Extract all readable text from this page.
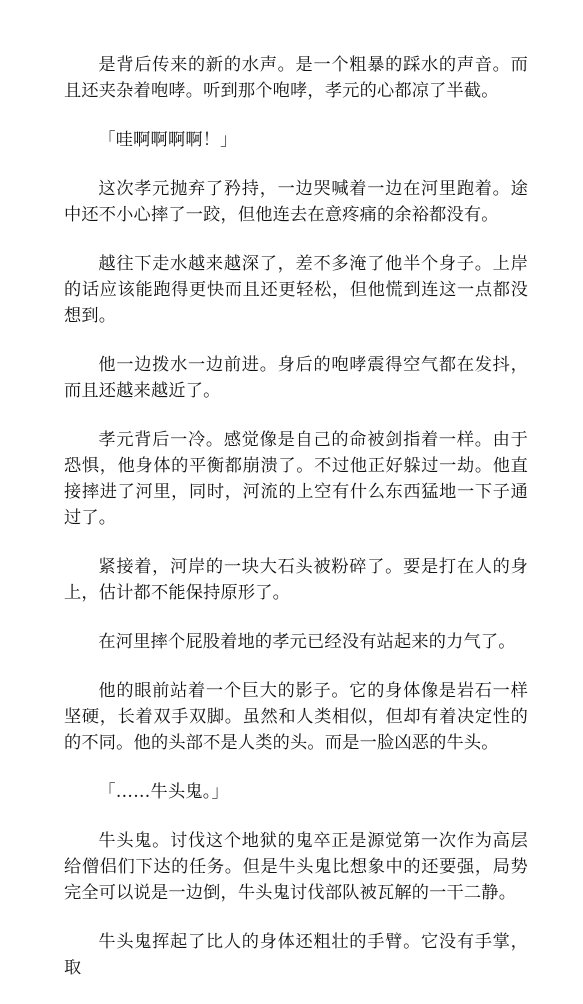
是背后传来的新的水声。是一个粗暴的踩水的声音。而且还夹杂着咆哮。听到那个咆哮，孝元的心都凉了半截。

「哇啊啊啊啊！」

这次孝元抛弃了矜持，一边哭喊着一边在河里跑着。途中还不小心摔了一跤，但他连去在意疼痛的余裕都没有。

越往下走水越来越深了，差不多淹了他半个身子。上岸的话应该能跑得更快而且还更轻松，但他慌到连这一点都没想到。

他一边拨水一边前进。身后的咆哮震得空气都在发抖，而且还越来越近了。

孝元背后一冷。感觉像是自己的命被剑指着一样。由于恐惧，他身体的平衡都崩溃了。不过他正好躲过一劫。他直接摔进了河里，同时，河流的上空有什么东西猛地一下子通过了。

紧接着，河岸的一块大石头被粉碎了。要是打在人的身上，估计都不能保持原形了。

在河里摔个屁股着地的孝元已经没有站起来的力气了。

他的眼前站着一个巨大的影子。它的身体像是岩石一样坚硬，长着双手双脚。虽然和人类相似，但却有着决定性的的不同。他的头部不是人类的头。而是一脸凶恶的牛头。

「……牛头鬼。」

牛头鬼。讨伐这个地狱的鬼卒正是源觉第一次作为高层给僧侣们下达的任务。但是牛头鬼比想象中的还要强，局势完全可以说是一边倒，牛头鬼讨伐部队被瓦解的一干二静。

牛头鬼挥起了比人的身体还粗壮的手臂。它没有手掌，取
